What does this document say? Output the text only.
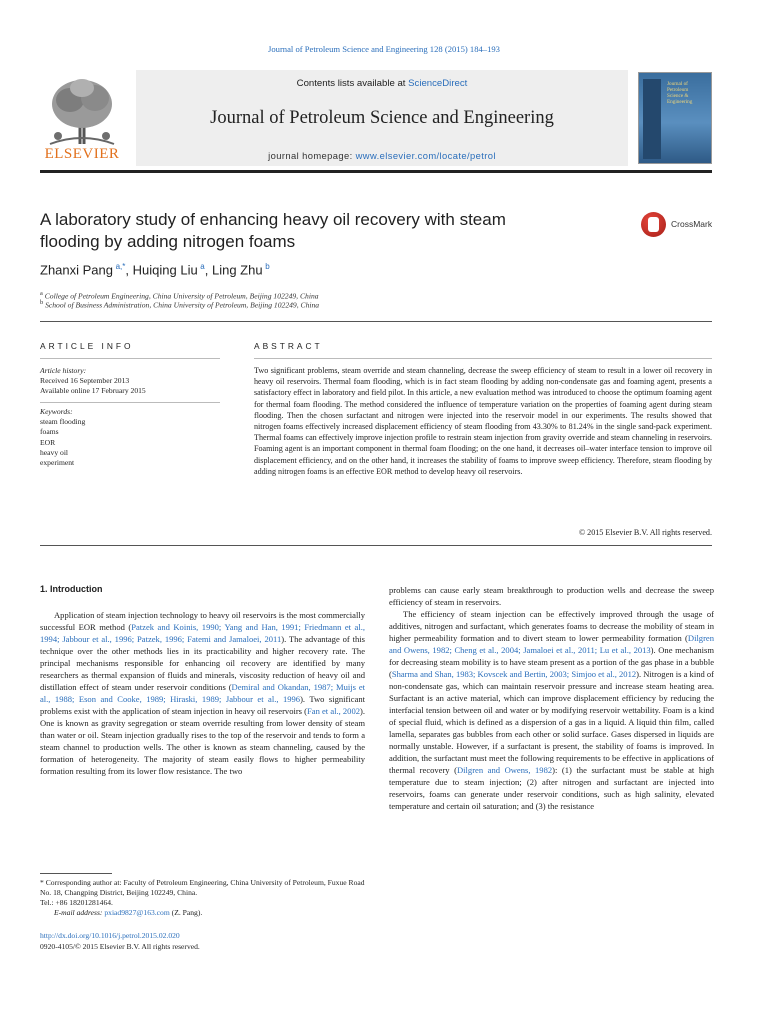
Journal of Petroleum Science and Engineering 128 (2015) 184–193
ELSEVIER
Contents lists available at ScienceDirect
Journal of Petroleum Science and Engineering
journal homepage: www.elsevier.com/locate/petrol
Journal of
Petroleum
Science &
Engineering
A laboratory study of enhancing heavy oil recovery with steam
flooding by adding nitrogen foams
CrossMark
Zhanxi Pang  $^{a,*}$, Huiqing Liu  $^a$, Ling Zhu  $^b$
$^a$ College of Petroleum Engineering, China University of Petroleum, Beijing 102249, China
$^b$ School of Business Administration, China University of Petroleum, Beijing 102249, China
ARTICLE INFO	ABSTRACT
Article history:
Received 16 September 2013
Available online 17 February 2015
Keywords:
steam flooding
foams
EOR
heavy oil
experiment
Two significant problems, steam override and steam channeling, decrease the sweep efficiency of steam to result in a lower oil recovery in heavy oil reservoirs. Thermal foam flooding, which is in fact steam flooding by adding non-condensate gas and foaming agent, presents a satisfactory effect in laboratory and field pilot. In this article, a new evaluation method was introduced to choose the optimum foaming agent for thermal foam flooding. The method considered the influence of temperature variation on the properties of foaming agent during steam flooding. Then the chosen surfactant and nitrogen were injected into the reservoir model in our experiments. The results showed that nitrogen foams effectively increased displacement efficiency of steam flooding from 43.30% to 81.24% in the single sand-pack experiment. Thermal foams can effectively improve injection profile to restrain steam injection from gravity override and steam channeling in reservoirs. Foaming agent is an important component in thermal foam flooding; on the one hand, it decreases oil–water interface tension to improve oil displacement efficiency, and on the other hand, it increases the stability of foams to improve sweep efficiency. Therefore, steam flooding by adding nitrogen foams is an effective EOR method to develop heavy oil reservoirs.
© 2015 Elsevier B.V. All rights reserved.
1. Introduction

Application of steam injection technology to heavy oil reservoirs is the most commercially successful EOR method (Patzek and Koinis, 1990; Yang and Han, 1991; Friedmann et al., 1994; Jabbour et al., 1996; Patzek, 1996; Fatemi and Jamaloei, 2011). The advantage of this technique over the other methods lies in its practicability and higher recovery rate. The principal mechanisms responsible for enhancing oil recovery are identified by many researchers as thermal expansion of fluids and minerals, viscosity reduction of heavy oil and distillation effect of steam under reservoir conditions (Demiral and Okandan, 1987; Muijs et al., 1988; Eson and Cooke, 1989; Hiraski, 1989; Jabbour et al., 1996). Two significant problems exist with the application of steam injection in heavy oil reservoirs (Fan et al., 2002). One is known as gravity segregation or steam override resulting from lower density of steam than water or oil. Steam injection gradually rises to the top of the reservoir and tends to form a steam channel to production wells. The other is known as steam channeling, caused by the formation of heterogeneity. The majority of steam easily flows to higher permeability formation resulting from its lower flow resistance. The two

problems can cause early steam breakthrough to production wells and decrease the sweep efficiency of steam in reservoirs.

The efficiency of steam injection can be effectively improved through the usage of additives, nitrogen and surfactant, which generates foams to decrease the mobility of steam in higher permeability formation and to divert steam to lower permeability formation (Dilgren and Owens, 1982; Cheng et al., 2004; Jamaloei et al., 2011; Lu et al., 2013). One mechanism for decreasing steam mobility is to have steam present as a portion of the gas phase in a bubble (Sharma and Shan, 1983; Kovscek and Bertin, 2003; Simjoo et al., 2012). Nitrogen is a kind of non-condensate gas, which can maintain reservoir pressure and increase steam heating area. Surfactant is an active material, which can improve displacement efficiency by reducing the interfacial tension between oil and water or by modifying reservoir wettability. Foam is a kind of special fluid, which is defined as a dispersion of a gas in a liquid. A liquid thin film, called lamella, separates gas bubbles from each other or solid surface. Gases dispersed in liquids are normally unstable. However, if a surfactant is present, the stability of foams is improved. In addition, the surfactant must meet the following requirements to be effective in applications of thermal recovery (Dilgren and Owens, 1982): (1) the surfactant must be stable at high temperature due to steam injection; (2) after nitrogen and surfactant are injected into reservoirs, foams can generate under reservoir conditions, such as high salinity, elevated temperature and certain oil saturation; and (3) the resistance

* Corresponding author at: Faculty of Petroleum Engineering, China University of Petroleum, Fuxue Road No. 18, Changping District, Beijing 102249, China.
Tel.: +86 18201281464.
E-mail address: pxiad9827@163.com (Z. Pang).
http://dx.doi.org/10.1016/j.petrol.2015.02.020
0920-4105/© 2015 Elsevier B.V. All rights reserved.
